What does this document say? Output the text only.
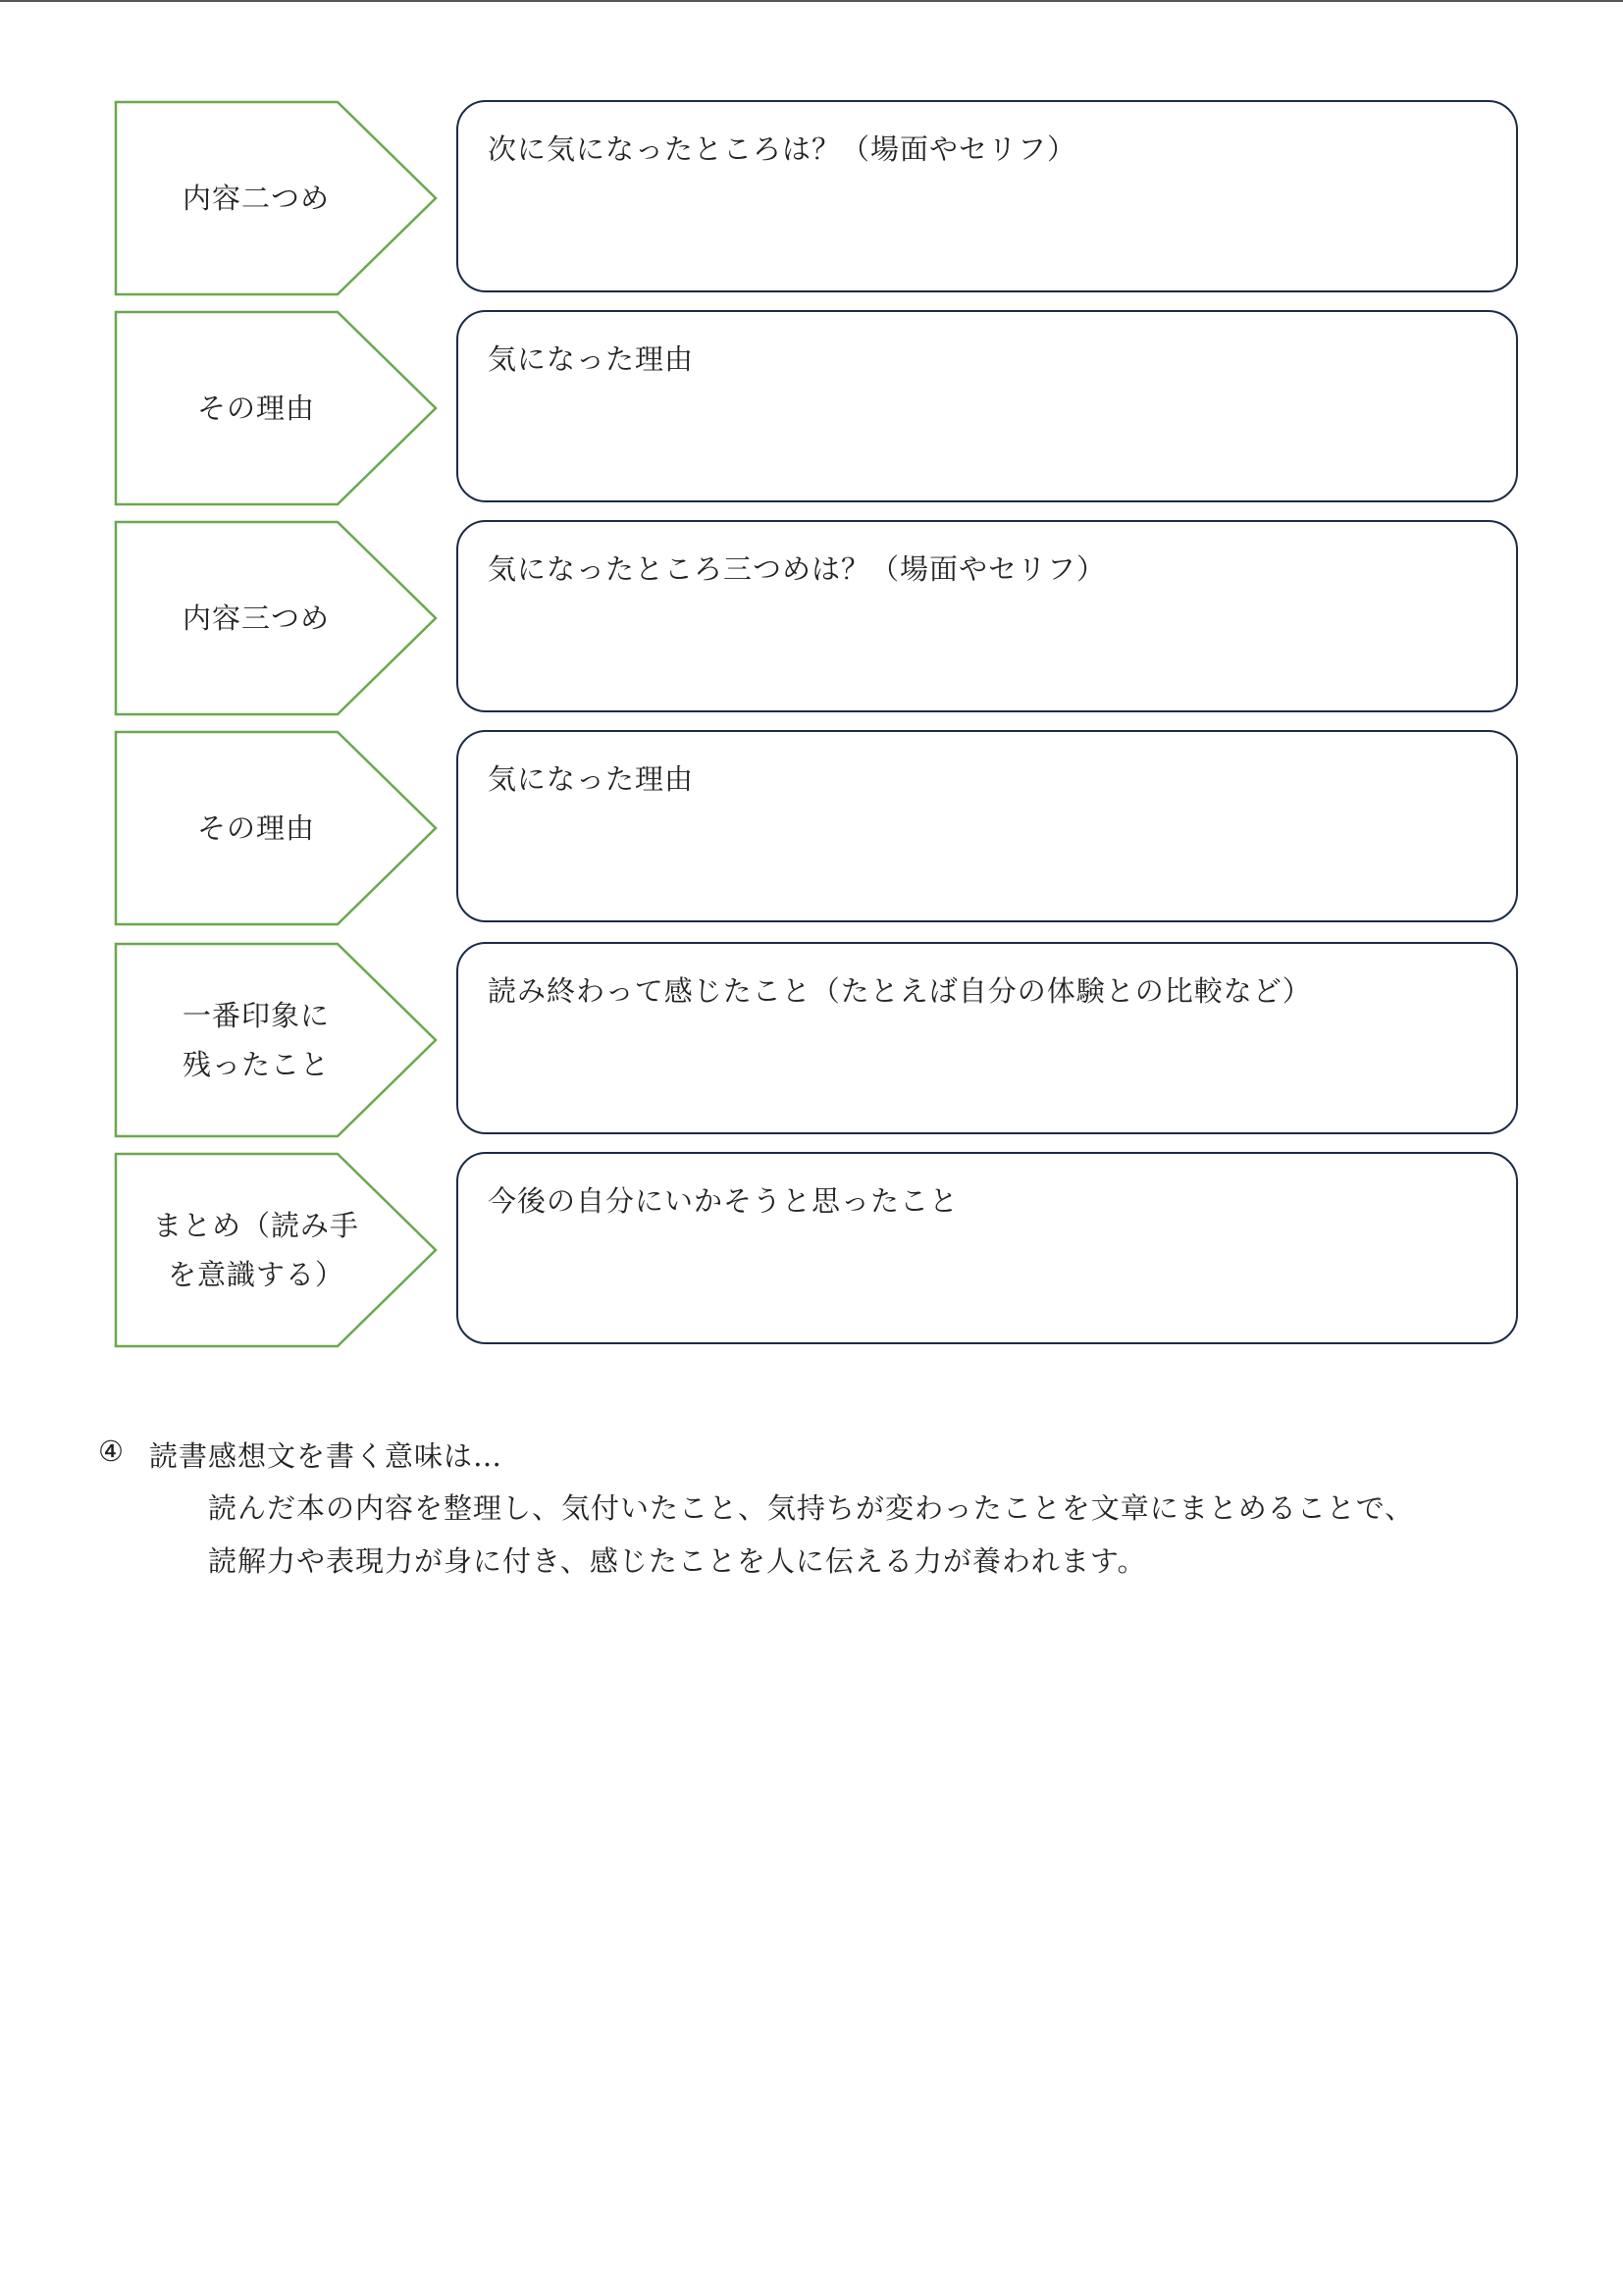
内容二つめ
次に気になったところは？（場面やセリフ）
その理由
気になった理由
内容三つめ
気になったところ三つめは？（場面やセリフ）
その理由
気になった理由
一番印象に
残ったこと
読み終わって感じたこと（たとえば自分の体験との比較など）
まとめ（読み手
を意識する）
今後の自分にいかそうと思ったこと
④ 読書感想文を書く意味は…

読んだ本の内容を整理し、気付いたこと、気持ちが変わったことを文章にまとめることで、

読解力や表現力が身に付き、感じたことを人に伝える力が養われます。
